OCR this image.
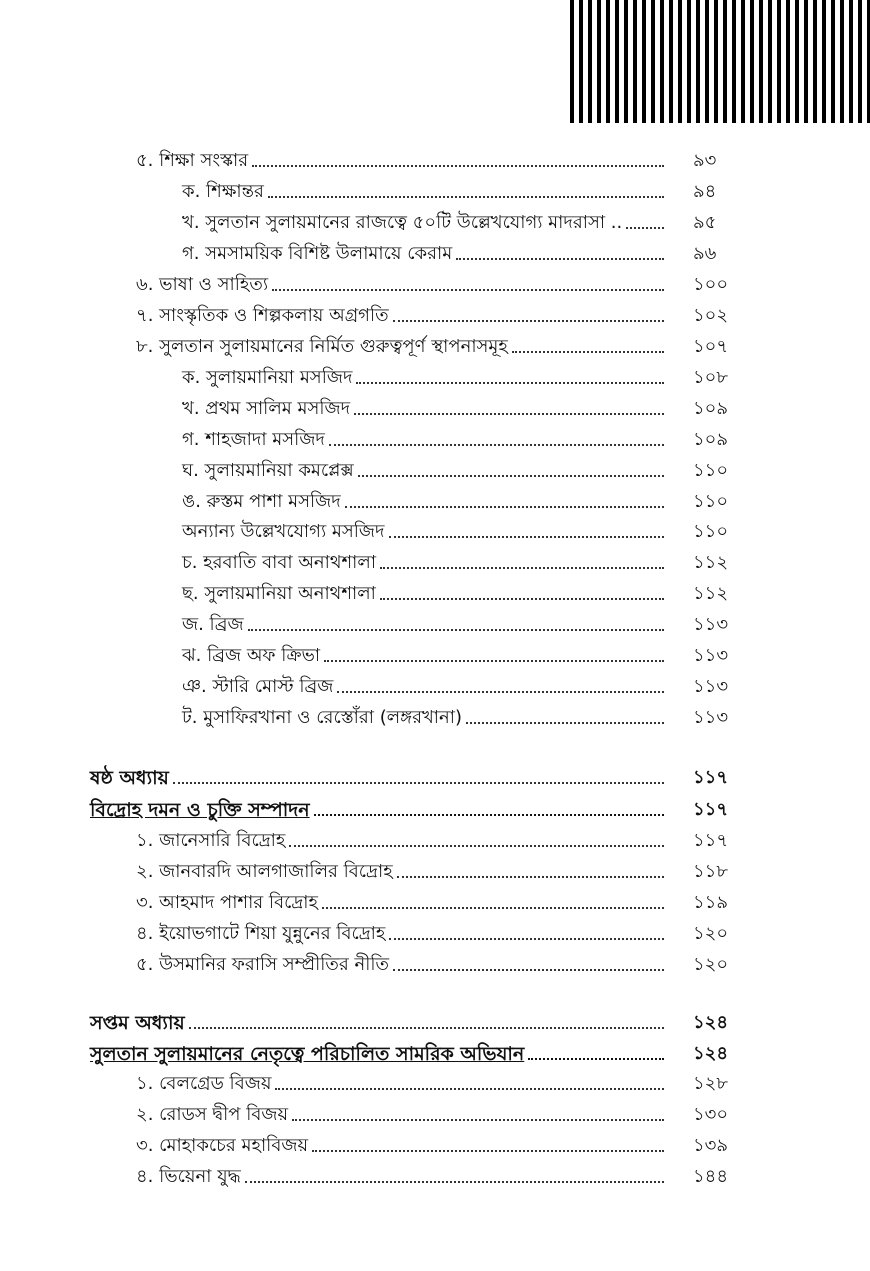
৫. শিক্ষা সংস্কার	৯৩
ক. শিক্ষান্তর	৯৪
খ. সুলতান সুলায়মানের রাজত্বে ৫০টি উল্লেখযোগ্য মাদরাসা ..	৯৫
গ. সমসাময়িক বিশিষ্ট উলামায়ে কেরাম	৯৬
৬. ভাষা ও সাহিত্য	১০০
৭. সাংস্কৃতিক ও শিল্পকলায় অগ্রগতি	১০২
৮. সুলতান সুলায়মানের নির্মিত গুরুত্বপূর্ণ স্থাপনাসমূহ	১০৭
ক. সুলায়মানিয়া মসজিদ	১০৮
খ. প্রথম সালিম মসজিদ	১০৯
গ. শাহজাদা মসজিদ	১০৯
ঘ. সুলায়মানিয়া কমপ্লেক্স	১১০
ঙ. রুস্তম পাশা মসজিদ	১১০
অন্যান্য উল্লেখযোগ্য মসজিদ	১১০
চ. হরবাতি বাবা অনাথশালা	১১২
ছ. সুলায়মানিয়া অনাথশালা	১১২
জ. ব্রিজ	১১৩
ঝ. ব্রিজ অফ ক্রিভা	১১৩
ঞ. স্টারি মোস্ট ব্রিজ	১১৩
ট. মুসাফিরখানা ও রেস্তোঁরা (লঙ্গরখানা)	১১৩
ষষ্ঠ অধ্যায়	১১৭
বিদ্রোহ দমন ও চুক্তি সম্পাদন	১১৭
১. জানেসারি বিদ্রোহ	১১৭
২. জানবারদি আলগাজালির বিদ্রোহ	১১৮
৩. আহমাদ পাশার বিদ্রোহ	১১৯
৪. ইয়োভগাটে শিয়া যুন্নুনের বিদ্রোহ	১২০
৫. উসমানির ফরাসি সম্প্রীতির নীতি	১২০
সপ্তম অধ্যায়	১২৪
সুলতান সুলায়মানের নেতৃত্বে পরিচালিত সামরিক অভিযান	১২৪
১. বেলগ্রেড বিজয়	১২৮
২. রোডস দ্বীপ বিজয়	১৩০
৩. মোহাকচের মহাবিজয়	১৩৯
৪. ভিয়েনা যুদ্ধ	১৪৪
